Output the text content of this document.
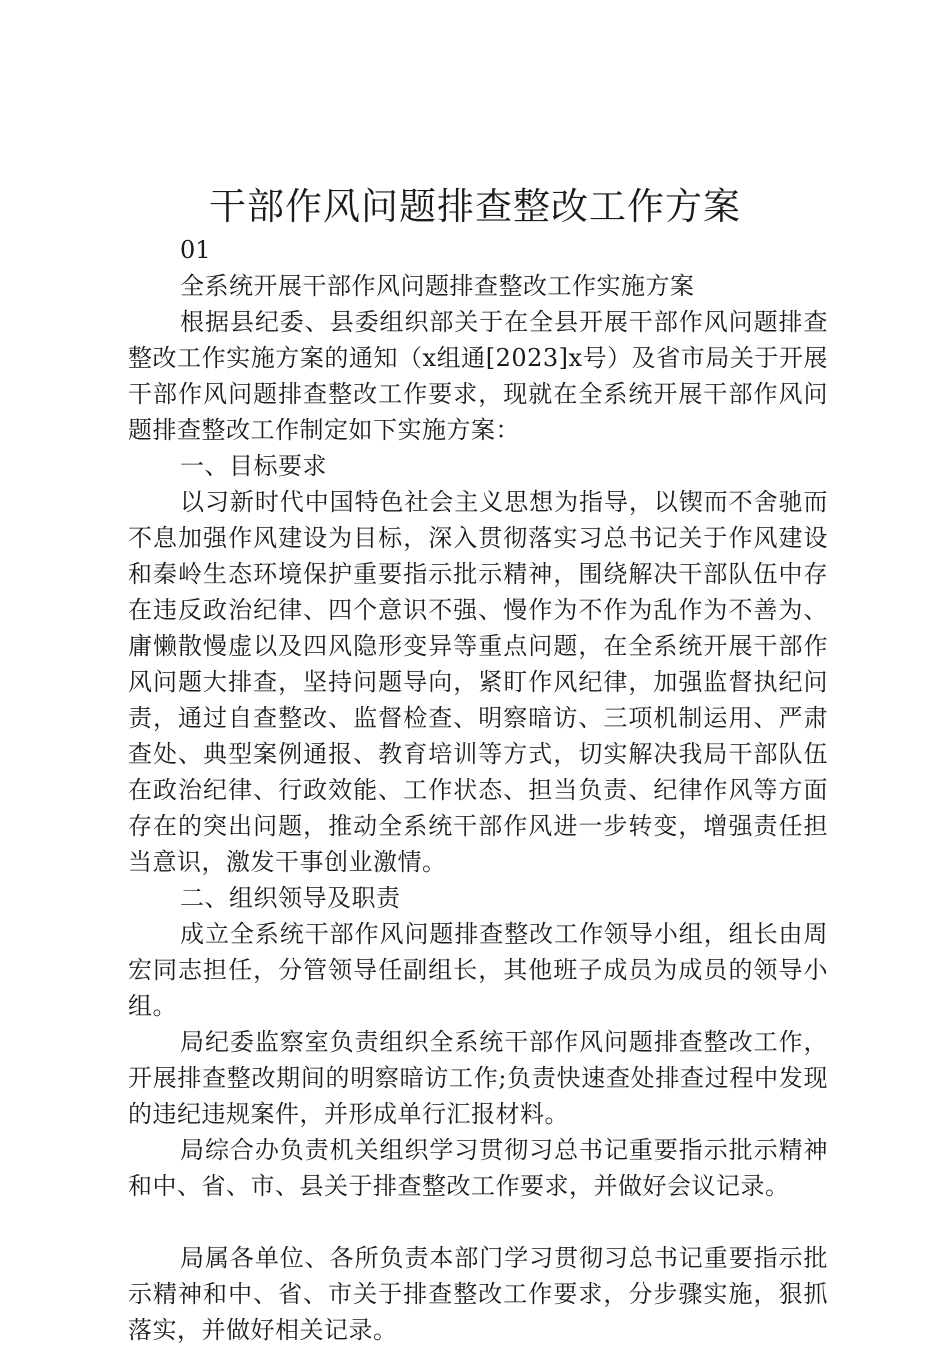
干部作风问题排查整改工作方案

01

全系统开展干部作风问题排查整改工作实施方案

根据县纪委、县委组织部关于在全县开展干部作风问题排查整改工作实施方案的通知（x组通[2023]x号）及省市局关于开展干部作风问题排查整改工作要求，现就在全系统开展干部作风问题排查整改工作制定如下实施方案：

一、目标要求

以习新时代中国特色社会主义思想为指导，以锲而不舍驰而不息加强作风建设为目标，深入贯彻落实习总书记关于作风建设和秦岭生态环境保护重要指示批示精神，围绕解决干部队伍中存在违反政治纪律、四个意识不强、慢作为不作为乱作为不善为、庸懒散慢虚以及四风隐形变异等重点问题，在全系统开展干部作风问题大排查，坚持问题导向，紧盯作风纪律，加强监督执纪问责，通过自查整改、监督检查、明察暗访、三项机制运用、严肃查处、典型案例通报、教育培训等方式，切实解决我局干部队伍在政治纪律、行政效能、工作状态、担当负责、纪律作风等方面存在的突出问题，推动全系统干部作风进一步转变，增强责任担当意识，激发干事创业激情。

二、组织领导及职责

成立全系统干部作风问题排查整改工作领导小组，组长由周宏同志担任，分管领导任副组长，其他班子成员为成员的领导小组。

局纪委监察室负责组织全系统干部作风问题排查整改工作，开展排查整改期间的明察暗访工作;负责快速查处排查过程中发现的违纪违规案件，并形成单行汇报材料。

局综合办负责机关组织学习贯彻习总书记重要指示批示精神和中、省、市、县关于排查整改工作要求，并做好会议记录。

局属各单位、各所负责本部门学习贯彻习总书记重要指示批示精神和中、省、市关于排查整改工作要求，分步骤实施，狠抓落实，并做好相关记录。
